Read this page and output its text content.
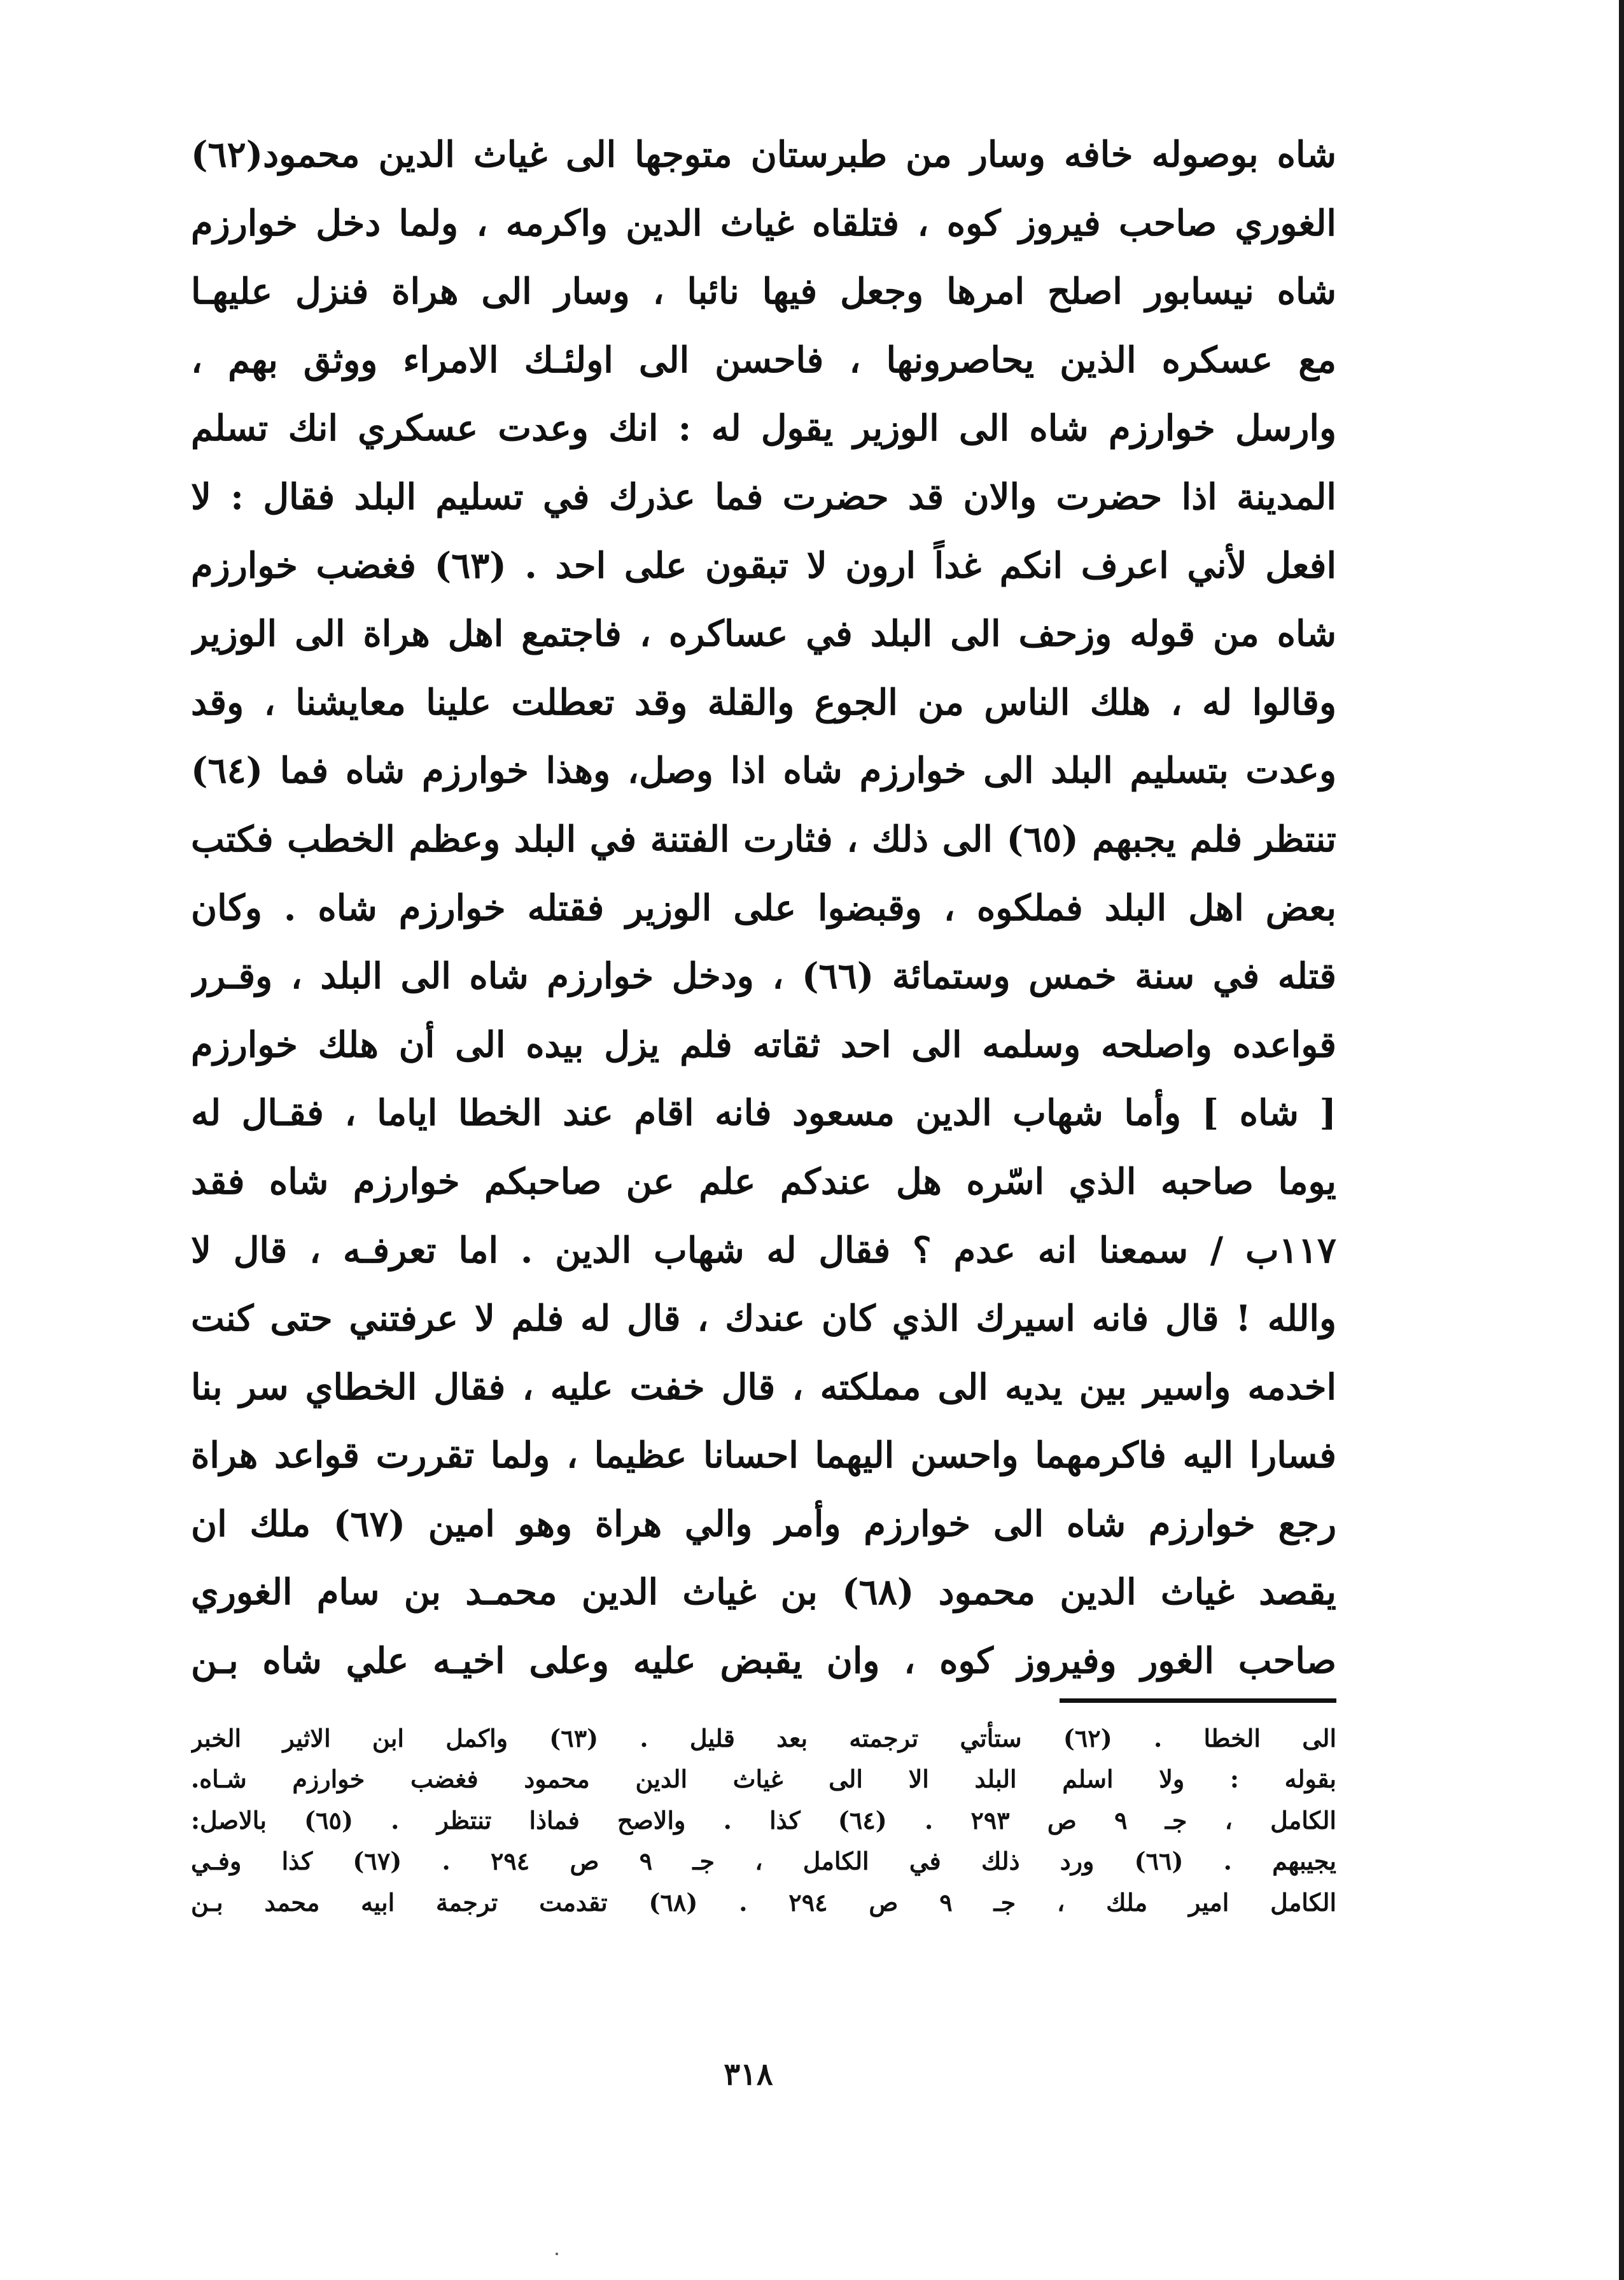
شاه بوصوله خافه وسار من طبرستان متوجها الى غياث الدين محمود(٦٢)
الغوري صاحب فيروز كوه ، فتلقاه غياث الدين واكرمه ، ولما دخل خوارزم
شاه نيسابور اصلح امرها وجعل فيها نائبا ، وسار الى هراة فنزل عليهـا
مع عسكره الذين يحاصرونها ، فاحسن الى اولئـك الامراء ووثق بهم ،
وارسل خوارزم شاه الى الوزير يقول له : انك وعدت عسكري انك تسلم
المدينة اذا حضرت والان قد حضرت فما عذرك في تسليم البلد فقال : لا
افعل لأني اعرف انكم غداً ارون لا تبقون على احد . (٦٣) فغضب خوارزم
شاه من قوله وزحف الى البلد في عساكره ، فاجتمع اهل هراة الى الوزير
وقالوا له ، هلك الناس من الجوع والقلة وقد تعطلت علينا معايشنا ، وقد
وعدت بتسليم البلد الى خوارزم شاه اذا وصل، وهذا خوارزم شاه فما (٦٤)
تنتظر فلم يجبهم (٦٥) الى ذلك ، فثارت الفتنة في البلد وعظم الخطب فكتب
بعض اهل البلد فملكوه ، وقبضوا على الوزير فقتله خوارزم شاه . وكان
قتله في سنة خمس وستمائة (٦٦) ، ودخل خوارزم شاه الى البلد ، وقـرر
قواعده واصلحه وسلمه الى احد ثقاته فلم يزل بيده الى أن هلك خوارزم
[ شاه ] وأما شهاب الدين مسعود فانه اقام عند الخطا اياما ، فقـال له
يوما صاحبه الذي اسّره هل عندكم علم عن صاحبكم خوارزم شاه فقد
١١٧ب / سمعنا انه عدم ؟ فقال له شهاب الدين . اما تعرفـه ، قال لا
والله ! قال فانه اسيرك الذي كان عندك ، قال له فلم لا عرفتني حتى كنت
اخدمه واسير بين يديه الى مملكته ، قال خفت عليه ، فقال الخطاي سر بنا
فسارا اليه فاكرمهما واحسن اليهما احسانا عظيما ، ولما تقررت قواعد هراة
رجع خوارزم شاه الى خوارزم وأمر والي هراة وهو امين (٦٧) ملك ان
يقصد غياث الدين محمود (٦٨) بن غياث الدين محمـد بن سام الغوري
صاحب الغور وفيروز كوه ، وان يقبض عليه وعلى اخيـه علي شاه بـن
الى الخطا . (٦٢) ستأتي ترجمته بعد قليل . (٦٣) واكمل ابن الاثير الخبر
بقوله : ولا اسلم البلد الا الى غياث الدين محمود فغضب خوارزم شـاه.
الكامل ، جـ ٩ ص ٢٩٣ . (٦٤) كذا . والاصح فماذا تنتظر . (٦٥) بالاصل:
يجيبهم . (٦٦) ورد ذلك في الكامل ، جـ ٩ ص ٢٩٤ . (٦٧) كذا وفـي
الكامل امير ملك ، جـ ٩ ص ٢٩٤ . (٦٨) تقدمت ترجمة ابيه محمد بـن
٣١٨
